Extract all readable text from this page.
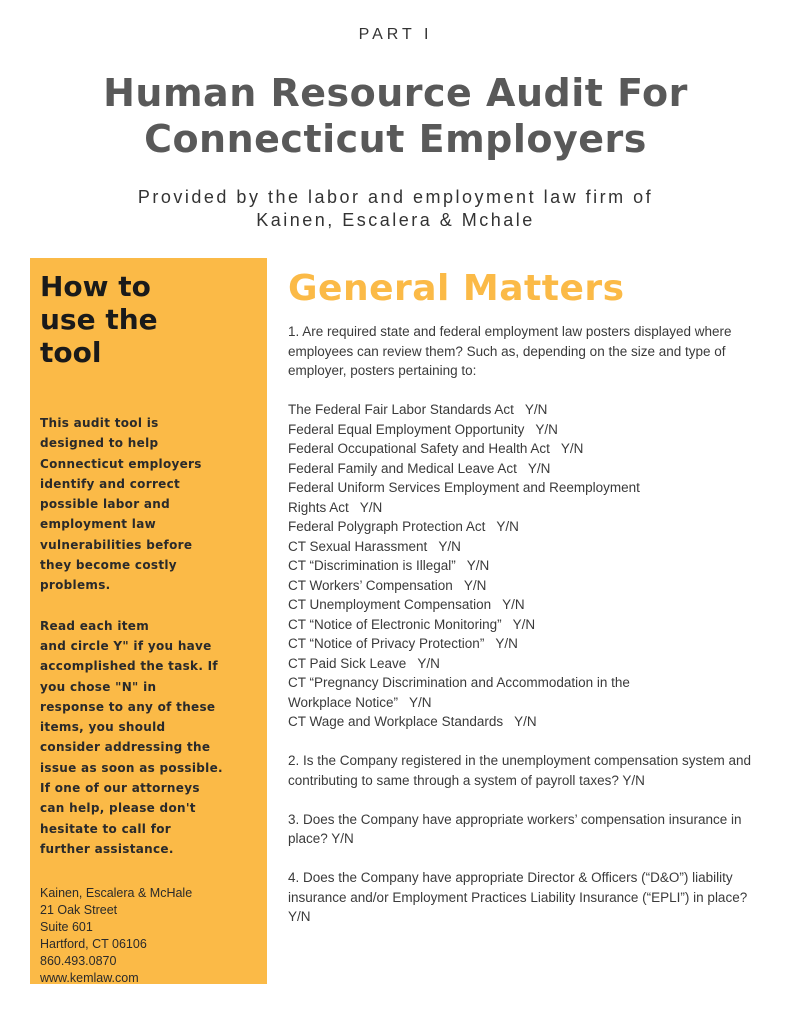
PART I
Human Resource Audit For
Connecticut Employers
Provided by the labor and employment law firm of
Kainen, Escalera & Mchale
How to
use the
tool

This audit tool is
designed to help
Connecticut employers
identify and correct
possible labor and
employment law
vulnerabilities before
they become costly
problems.

Read each item
and circle Y" if you have
accomplished the task. If
you chose "N" in
response to any of these
items, you should
consider addressing the
issue as soon as possible.
If one of our attorneys
can help, please don't
hesitate to call for
further assistance.

Kainen, Escalera & McHale
21 Oak Street
Suite 601
Hartford, CT 06106
860.493.0870
www.kemlaw.com
General Matters

1. Are required state and federal employment law posters displayed where employees can review them? Such as, depending on the size and type of employer, posters pertaining to:

The Federal Fair Labor Standards Act   Y/N
Federal Equal Employment Opportunity   Y/N
Federal Occupational Safety and Health Act   Y/N
Federal Family and Medical Leave Act   Y/N
Federal Uniform Services Employment and Reemployment
Rights Act   Y/N
Federal Polygraph Protection Act   Y/N
CT Sexual Harassment   Y/N
CT “Discrimination is Illegal”   Y/N
CT Workers’ Compensation   Y/N
CT Unemployment Compensation   Y/N
CT “Notice of Electronic Monitoring”   Y/N
CT “Notice of Privacy Protection”   Y/N
CT Paid Sick Leave   Y/N
CT “Pregnancy Discrimination and Accommodation in the
Workplace Notice”   Y/N
CT Wage and Workplace Standards   Y/N

2. Is the Company registered in the unemployment compensation system and contributing to same through a system of payroll taxes? Y/N

3. Does the Company have appropriate workers’ compensation insurance in place? Y/N

4. Does the Company have appropriate Director & Officers (“D&O”) liability insurance and/or Employment Practices Liability Insurance (“EPLI”) in place? Y/N
